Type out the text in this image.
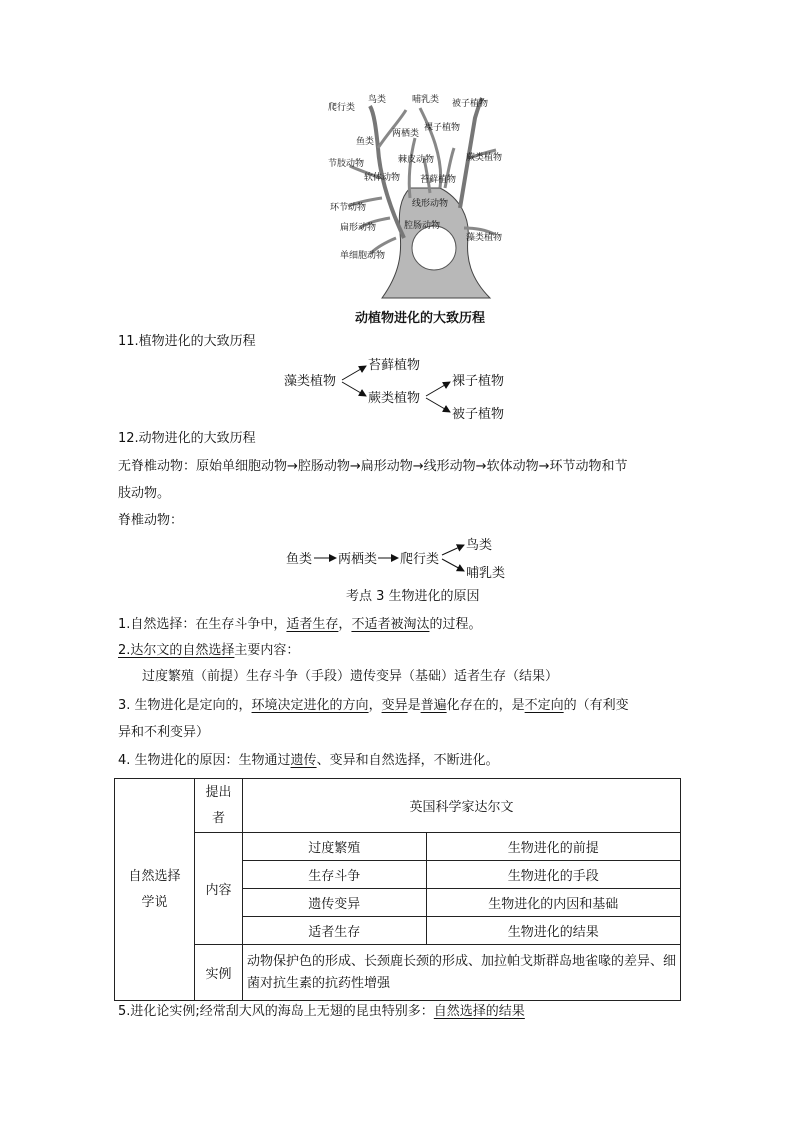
爬行类
鸟类	哺乳类 被子植物
裸子植物
两栖类
鱼类
节肢动物
软体动物
棘皮动物	蕨类植物
苔藓植物
环节动物	线形动物
扁形动物	腔肠动物
藻类植物
单细胞动物
动植物进化的大致历程
11.植物进化的大致历程
藻类植物
苔藓植物
蕨类植物
裸子植物
被子植物
12.动物进化的大致历程
无脊椎动物：原始单细胞动物→腔肠动物→扁形动物→线形动物→软体动物→环节动物和节
肢动物。
脊椎动物：
鱼类 两栖类 爬行类
鸟类
哺乳类
考点 3 生物进化的原因
1.自然选择：在生存斗争中，适者生存，不适者被淘汰的过程。
2.达尔文的自然选择主要内容：
过度繁殖（前提）生存斗争（手段）遗传变异（基础）适者生存（结果）
3. 生物进化是定向的，环境决定进化的方向，变异是普遍化存在的，是不定向的（有利变
异和不利变异）
4. 生物进化的原因：生物通过遗传、变异和自然选择，不断进化。
自然选择学说	提出者	英国科学家达尔文	
	内容	过度繁殖	生物进化的前提
		生存斗争	生物进化的手段
		遗传变异	生物进化的内因和基础
		适者生存	生物进化的结果
	实例	动物保护色的形成、长颈鹿长颈的形成、加拉帕戈斯群岛地雀喙的差异、细菌对抗生素的抗药性增强	
5.进化论实例;经常刮大风的海岛上无翅的昆虫特别多：自然选择的结果
